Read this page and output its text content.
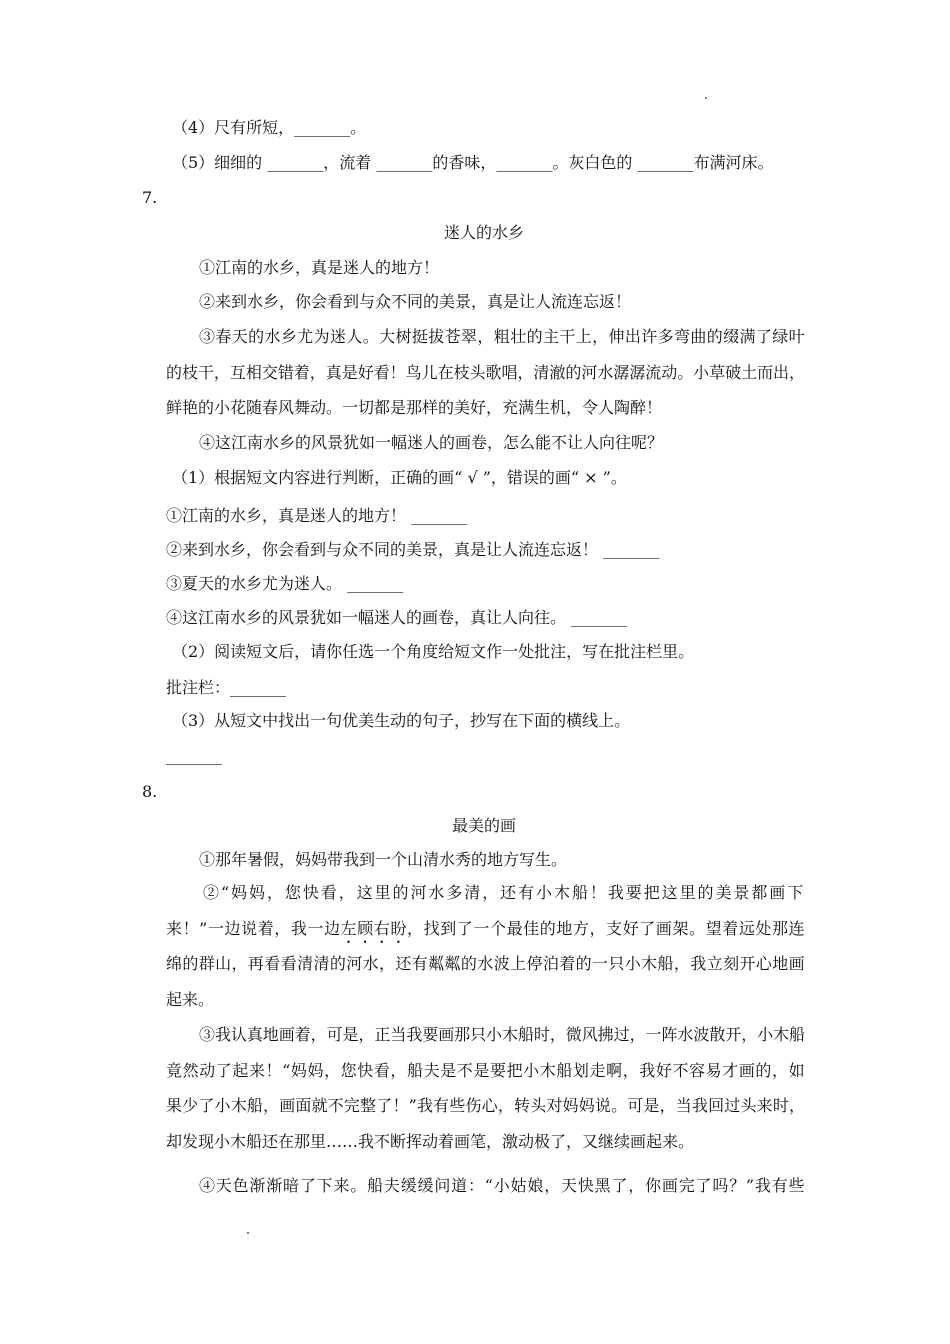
（4）尺有所短，_______。
（5）细细的 _______，流着 _______的香味，_______。灰白色的 _______布满河床。
7.
迷人的水乡
①江南的水乡，真是迷人的地方！
②来到水乡，你会看到与众不同的美景，真是让人流连忘返！
③春天的水乡尤为迷人。大树挺拔苍翠，粗壮的主干上，伸出许多弯曲的缀满了绿叶
的枝干，互相交错着，真是好看！鸟儿在枝头歌唱，清澈的河水潺潺流动。小草破土而出，
鲜艳的小花随春风舞动。一切都是那样的美好，充满生机，令人陶醉！
④这江南水乡的风景犹如一幅迷人的画卷，怎么能不让人向往呢？
（1）根据短文内容进行判断，正确的画“ √ ”，错误的画“ × ”。
①江南的水乡，真是迷人的地方！ _______
②来到水乡，你会看到与众不同的美景，真是让人流连忘返！ _______
③夏天的水乡尤为迷人。 _______
④这江南水乡的风景犹如一幅迷人的画卷，真让人向往。 _______
（2）阅读短文后，请你任选一个角度给短文作一处批注，写在批注栏里。
批注栏：_______
（3）从短文中找出一句优美生动的句子，抄写在下面的横线上。
_______
8.
最美的画
①那年暑假，妈妈带我到一个山清水秀的地方写生。
②“妈妈，您快看，这里的河水多清，还有小木船！我要把这里的美景都画下
来！”一边说着，我一边左顾右盼，找到了一个最佳的地方，支好了画架。望着远处那连
绵的群山，再看看清清的河水，还有粼粼的水波上停泊着的一只小木船，我立刻开心地画
起来。
③我认真地画着，可是，正当我要画那只小木船时，微风拂过，一阵水波散开，小木船
竟然动了起来！“妈妈，您快看，船夫是不是要把小木船划走啊，我好不容易才画的，如
果少了小木船，画面就不完整了！”我有些伤心，转头对妈妈说。可是，当我回过头来时，
却发现小木船还在那里……我不断挥动着画笔，激动极了，又继续画起来。
④天色渐渐暗了下来。船夫缓缓问道：“小姑娘，天快黑了，你画完了吗？”我有些
